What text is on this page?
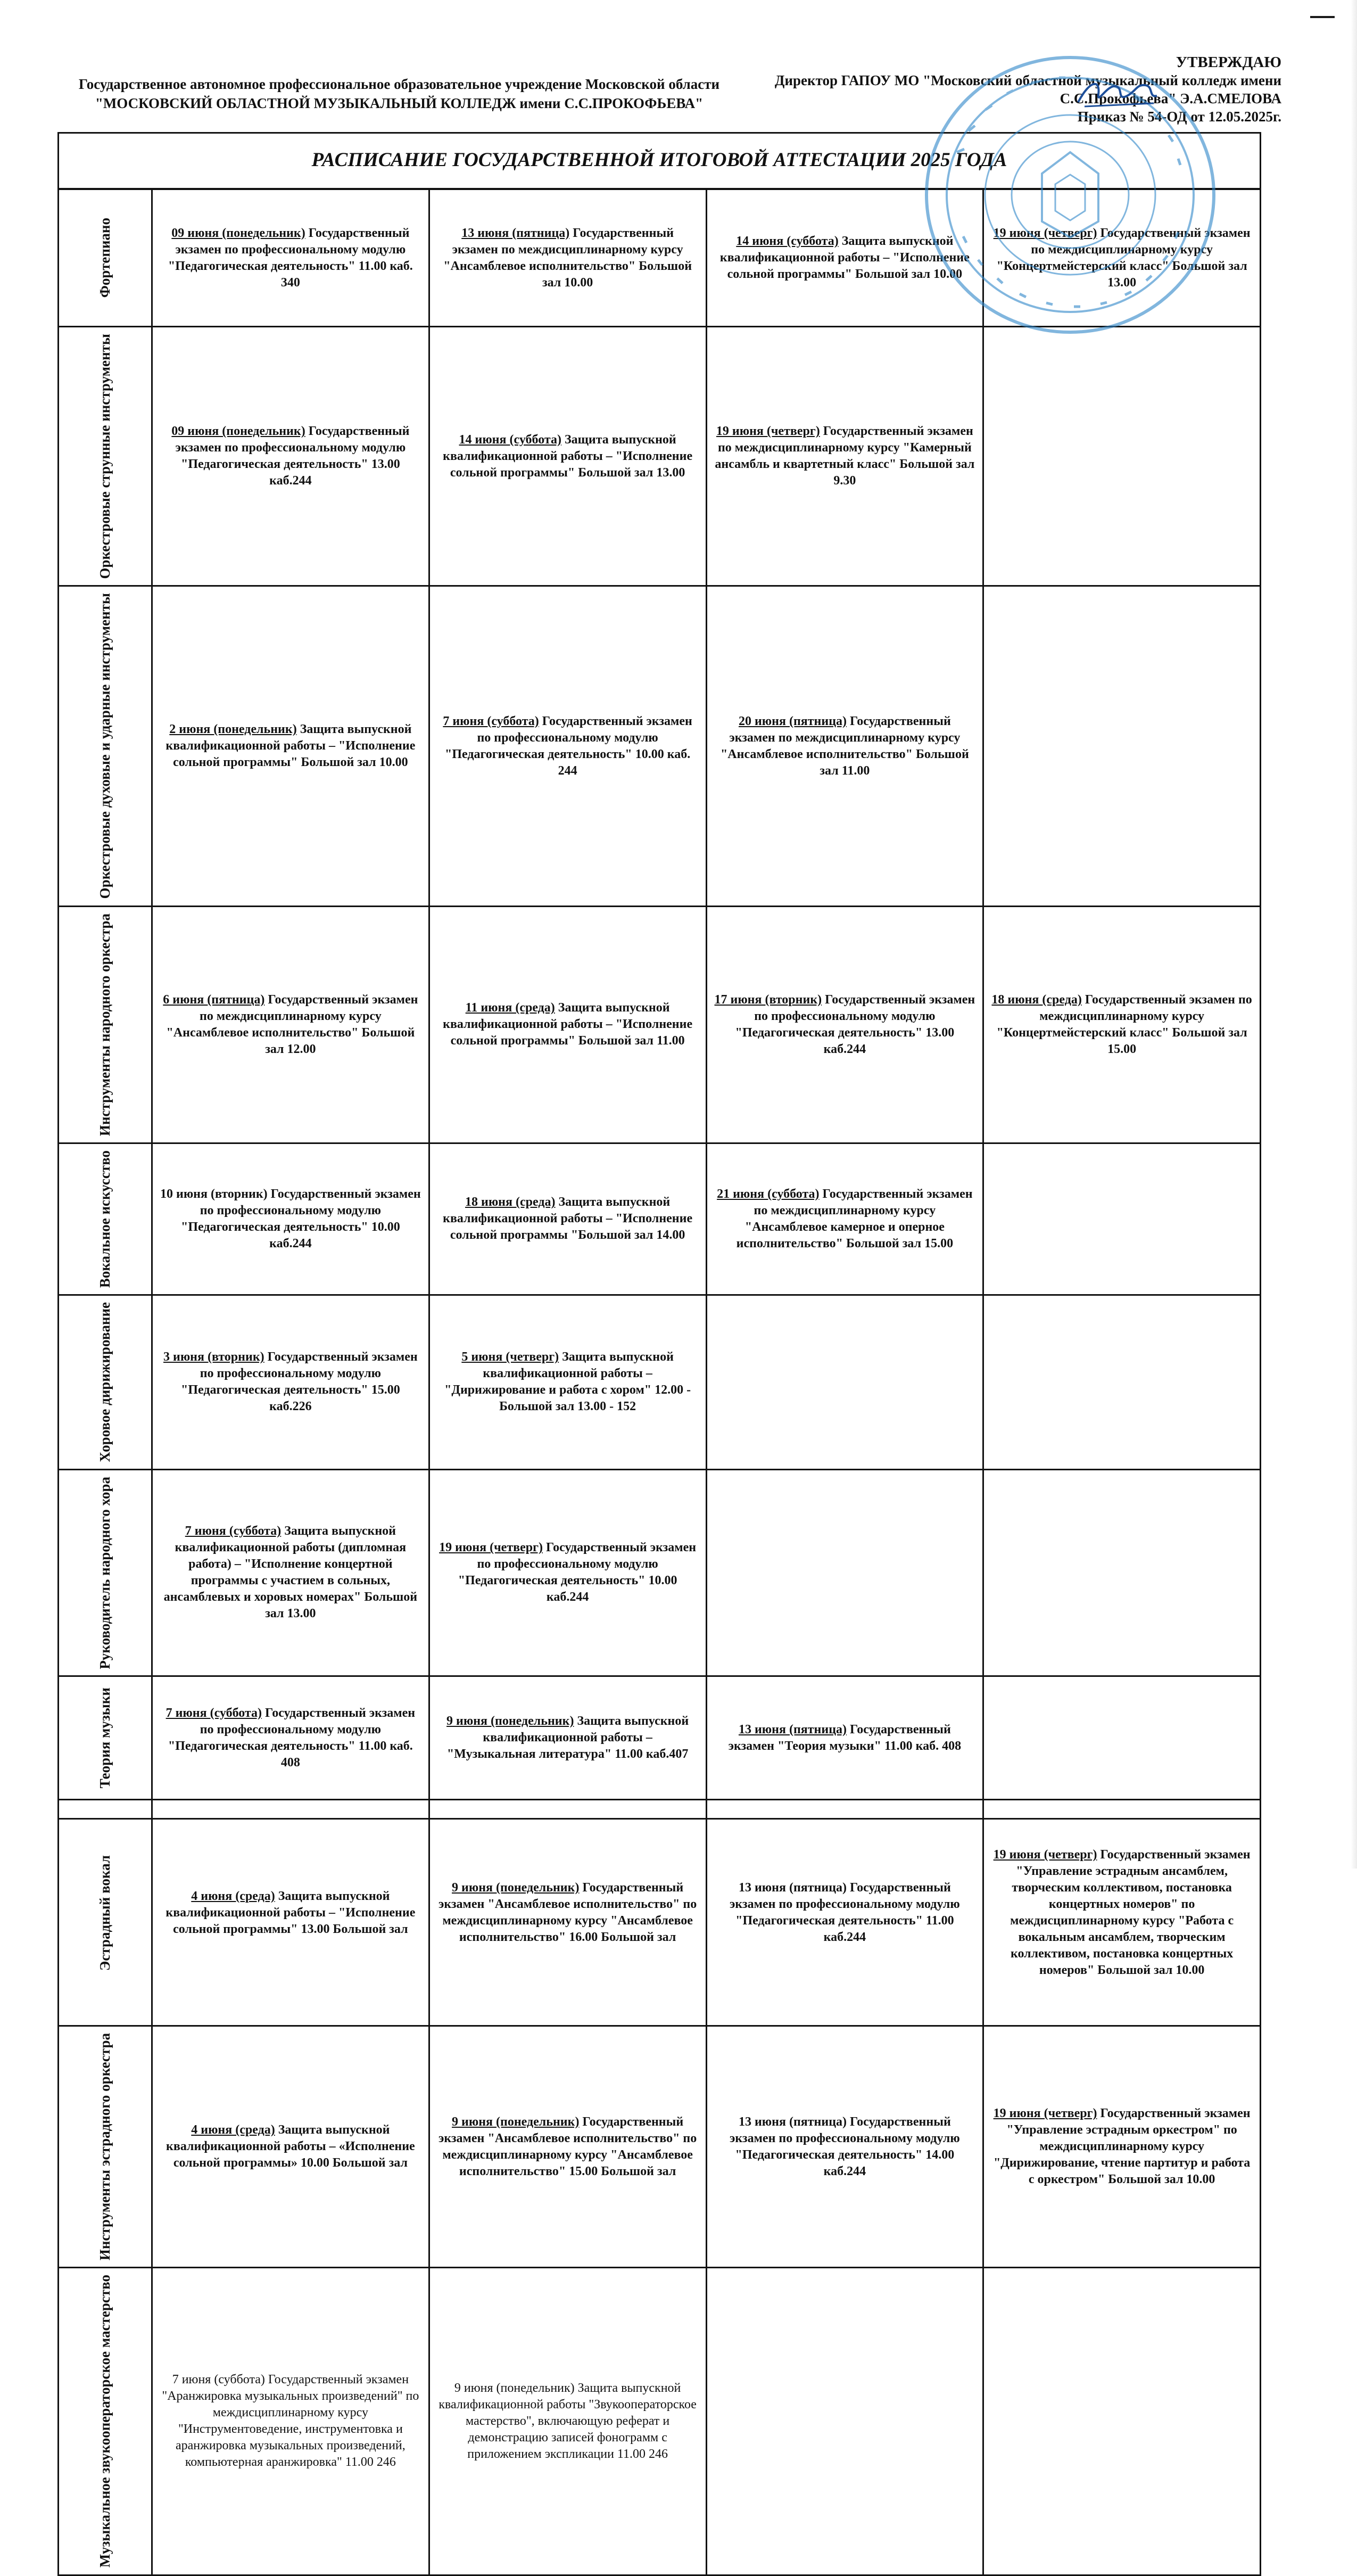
Государственное автономное профессиональное образовательное учреждение Московской области
"МОСКОВСКИЙ ОБЛАСТНОЙ МУЗЫКАЛЬНЫЙ КОЛЛЕДЖ имени С.С.ПРОКОФЬЕВА"
УТВЕРЖДАЮ
Директор ГАПОУ МО "Московский областной музыкальный колледж имени
С.С.Прокофьева" Э.А.СМЕЛОВА
Приказ № 54-ОД от 12.05.2025г.
РАСПИСАНИЕ ГОСУДАРСТВЕННОЙ ИТОГОВОЙ АТТЕСТАЦИИ 2025 ГОДА
Фортепиано	09 июня (понедельник) Государственный экзамен по профессиональному модулю "Педагогическая деятельность" 11.00 каб. 340	13 июня (пятница) Государственный экзамен по междисциплинарному курсу "Ансамблевое исполнительство" Большой зал 10.00	14 июня (суббота) Защита выпускной квалификационной работы – "Исполнение сольной программы" Большой зал 10.00	19 июня (четверг) Государственный экзамен по междисциплинарному курсу "Концертмейстерский класс" Большой зал 13.00

Оркестровые струнные инструменты	09 июня (понедельник) Государственный экзамен по профессиональному модулю "Педагогическая деятельность" 13.00 каб.244	14 июня (суббота) Защита выпускной квалификационной работы – "Исполнение сольной программы" Большой зал 13.00	19 июня (четверг) Государственный экзамен по междисциплинарному курсу "Камерный ансамбль и квартетный класс" Большой зал 9.30	

Оркестровые духовые и ударные инструменты	2 июня (понедельник) Защита выпускной квалификационной работы – "Исполнение сольной программы" Большой зал 10.00	7 июня (суббота) Государственный экзамен по профессиональному модулю "Педагогическая деятельность" 10.00 каб. 244	20 июня (пятница) Государственный экзамен по междисциплинарному курсу "Ансамблевое исполнительство" Большой зал 11.00	

Инструменты народного оркестра	6 июня (пятница) Государственный экзамен по междисциплинарному курсу "Ансамблевое исполнительство" Большой зал 12.00	11 июня (среда) Защита выпускной квалификационной работы – "Исполнение сольной программы" Большой зал 11.00	17 июня (вторник) Государственный экзамен по профессиональному модулю "Педагогическая деятельность" 13.00 каб.244	18 июня (среда) Государственный экзамен по междисциплинарному курсу "Концертмейстерский класс" Большой зал 15.00

Вокальное искусство	10 июня (вторник) Государственный экзамен по профессиональному модулю "Педагогическая деятельность" 10.00 каб.244	18 июня (среда) Защита выпускной квалификационной работы – "Исполнение сольной программы "Большой зал 14.00	21 июня (суббота) Государственный экзамен по междисциплинарному курсу "Ансамблевое камерное и оперное исполнительство" Большой зал 15.00	

Хоровое дирижирование	3 июня (вторник) Государственный экзамен по профессиональному модулю "Педагогическая деятельность" 15.00 каб.226	5 июня (четверг) Защита выпускной квалификационной работы – "Дирижирование и работа с хором" 12.00 - Большой зал 13.00 - 152		

Руководитель народного хора	7 июня (суббота) Защита выпускной квалификационной работы (дипломная работа) – "Исполнение концертной программы с участием в сольных, ансамблевых и хоровых номерах" Большой зал 13.00	19 июня (четверг) Государственный экзамен по профессиональному модулю "Педагогическая деятельность" 10.00 каб.244		

Теория музыки	7 июня (суббота) Государственный экзамен по профессиональному модулю "Педагогическая деятельность" 11.00 каб. 408	9 июня (понедельник) Защита выпускной квалификационной работы – "Музыкальная литература" 11.00 каб.407	13 июня (пятница) Государственный экзамен "Теория музыки" 11.00 каб. 408	

Эстрадный вокал	4 июня (среда) Защита выпускной квалификационной работы – "Исполнение сольной программы" 13.00 Большой зал	9 июня (понедельник) Государственный экзамен "Ансамблевое исполнительство" по междисциплинарному курсу "Ансамблевое исполнительство" 16.00 Большой зал	13 июня (пятница) Государственный экзамен по профессиональному модулю "Педагогическая деятельность" 11.00 каб.244	19 июня (четверг) Государственный экзамен "Управление эстрадным ансамблем, творческим коллективом, постановка концертных номеров" по междисциплинарному курсу "Работа с вокальным ансамблем, творческим коллективом, постановка концертных номеров" Большой зал 10.00

Инструменты эстрадного оркестра	4 июня (среда) Защита выпускной квалификационной работы – «Исполнение сольной программы» 10.00 Большой зал	9 июня (понедельник) Государственный экзамен "Ансамблевое исполнительство" по междисциплинарному курсу "Ансамблевое исполнительство" 15.00 Большой зал	13 июня (пятница) Государственный экзамен по профессиональному модулю "Педагогическая деятельность" 14.00 каб.244	19 июня (четверг) Государственный экзамен "Управление эстрадным оркестром" по междисциплинарному курсу "Дирижирование, чтение партитур и работа с оркестром" Большой зал 10.00

Музыкальное звукооператорское мастерство	7 июня (суббота) Государственный экзамен "Аранжировка музыкальных произведений" по междисциплинарному курсу "Инструментоведение, инструментовка и аранжировка музыкальных произведений, компьютерная аранжировка" 11.00 246	9 июня (понедельник) Защита выпускной квалификационной работы "Звукооператорское мастерство", включающую реферат и демонстрацию записей фонограмм с приложением экспликации 11.00 246		
